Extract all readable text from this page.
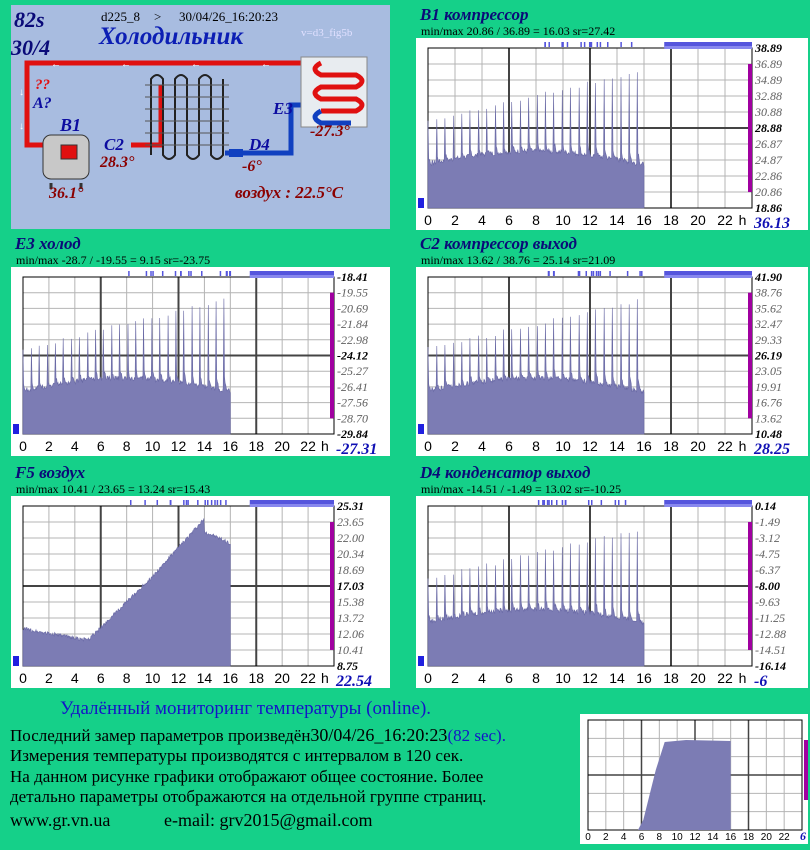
←
←
←
←
↓
↓
82s
30/4
d225_8 > 30/04/26_16:20:23
v=d3_fig5b
Холодильник
??
A?
B1
36.1°
C2
28.3°
D4
-6°
E3
-27.3°
воздух : 22.5°C
B1 компрессор
min/max 20.86 / 36.89 = 16.03 sr=27.42
0 2 4 6 8 10 12 14 16 18 20 22 h
38.89
36.89
34.89
32.88
30.88
28.88
26.87
24.87
22.86
20.86
18.86
36.13
E3 холод
min/max -28.7 / -19.55 = 9.15 sr=-23.75
0 2 4 6 8 10 12 14 16 18 20 22 h
-18.41
-19.55
-20.69
-21.84
-22.98
-24.12
-25.27
-26.41
-27.56
-28.70
-29.84
-27.31
F5 воздух
min/max 10.41 / 23.65 = 13.24 sr=15.43
0 2 4 6 8 10 12 14 16 18 20 22 h
25.31
23.65
22.00
20.34
18.69
17.03
15.38
13.72
12.06
10.41
8.75
22.54
C2 компрессор выход
min/max 13.62 / 38.76 = 25.14 sr=21.09
0 2 4 6 8 10 12 14 16 18 20 22 h
41.90
38.76
35.62
32.47
29.33
26.19
23.05
19.91
16.76
13.62
10.48
28.25
D4 конденсатор выход
min/max -14.51 / -1.49 = 13.02 sr=-10.25
0 2 4 6 8 10 12 14 16 18 20 22 h
0.14
-1.49
-3.12
-4.75
-6.37
-8.00
-9.63
-11.25
-12.88
-14.51
-16.14
-6
Удалённый мониторинг температуры (online).
Последний замер параметров произведён30/04/26_16:20:23(82 sec).
Измерения температуры производятся с интервалом в 120 сек.
На данном рисунке графики отображают общее состояние. Более
детально параметры отображаются на отдельной группе страниц.
www.gr.vn.ua	e-mail: grv2015@gmail.com
0 2 4 6 8 10 12 14 16 18 20 22 6
